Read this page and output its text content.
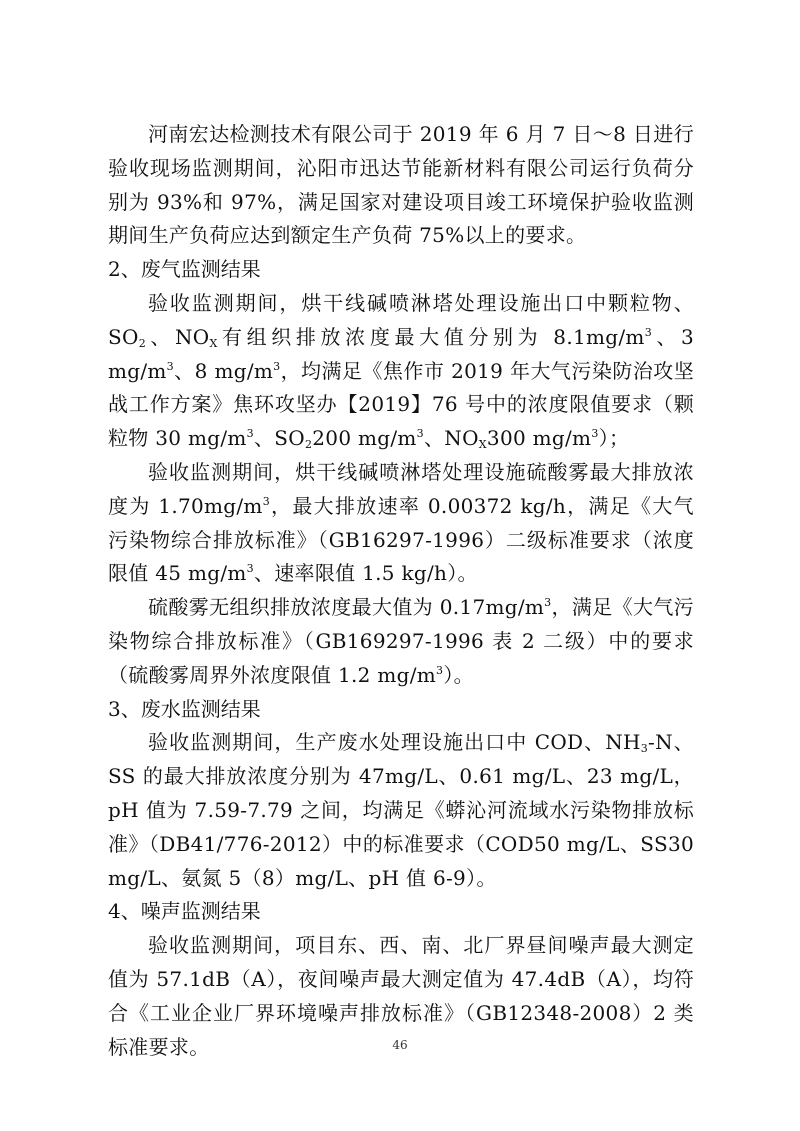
河南宏达检测技术有限公司于 2019 年 6 月 7 日～8 日进行验收现场监测期间，沁阳市迅达节能新材料有限公司运行负荷分别为 93%和 97%，满足国家对建设项目竣工环境保护验收监测期间生产负荷应达到额定生产负荷 75%以上的要求。

2、废气监测结果

验收监测期间，烘干线碱喷淋塔处理设施出口中颗粒物、$SO_2$、$NO_X$有组织排放浓度最大值分别为 $8.1mg/m^3$、3 $mg/m^3$、8 $mg/m^3$，均满足《焦作市 2019 年大气污染防治攻坚战工作方案》焦环攻坚办【2019】76 号中的浓度限值要求（颗粒物 30 $mg/m^3$、$SO_2200$ $mg/m^3$、$NO_X300$ $mg/m^3$）；

验收监测期间，烘干线碱喷淋塔处理设施硫酸雾最大排放浓度为 $1.70mg/m^3$，最大排放速率 0.00372 kg/h，满足《大气污染物综合排放标准》（GB16297-1996）二级标准要求（浓度限值 45 $mg/m^3$、速率限值 1.5 kg/h）。

硫酸雾无组织排放浓度最大值为 $0.17mg/m^3$，满足《大气污染物综合排放标准》（GB169297-1996 表 2 二级）中的要求（硫酸雾周界外浓度限值 1.2 $mg/m^3$）。

3、废水监测结果

验收监测期间，生产废水处理设施出口中 COD、$NH_3-N$、SS 的最大排放浓度分别为 47mg/L、0.61 mg/L、23 mg/L，pH 值为 7.59-7.79 之间，均满足《蟒沁河流域水污染物排放标准》（DB41/776-2012）中的标准要求（COD50 mg/L、SS30 mg/L、氨氮 5（8）mg/L、pH 值 6-9）。

4、噪声监测结果

验收监测期间，项目东、西、南、北厂界昼间噪声最大测定值为 57.1dB（A），夜间噪声最大测定值为 47.4dB（A），均符合《工业企业厂界环境噪声排放标准》（GB12348-2008）2 类标准要求。	46
